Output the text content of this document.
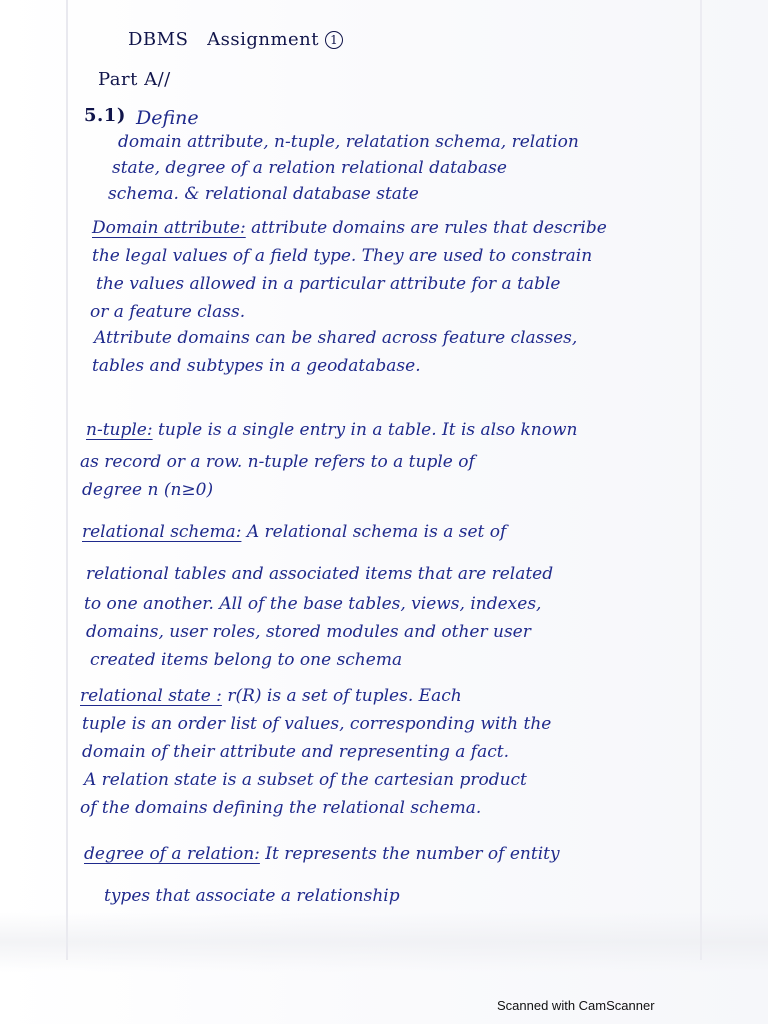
DBMS Assignment 1
Part A//
5.1) Define
domain attribute, n-tuple, relatation schema, relation
state, degree of a relation relational database
schema. & relational database state
Domain attribute: attribute domains are rules that describe
the legal values of a field type. They are used to constrain
the values allowed in a particular attribute for a table
or a feature class.
Attribute domains can be shared across feature classes,
tables and subtypes in a geodatabase.
n-tuple: tuple is a single entry in a table. It is also known
as record or a row. n-tuple refers to a tuple of
degree n (n≥0)
relational schema: A relational schema is a set of
relational tables and associated items that are related
to one another. All of the base tables, views, indexes,
domains, user roles, stored modules and other user
created items belong to one schema
relational state : r(R) is a set of tuples. Each
tuple is an order list of values, corresponding with the
domain of their attribute and representing a fact.
A relation state is a subset of the cartesian product
of the domains defining the relational schema.
degree of a relation: It represents the number of entity
types that associate a relationship
Scanned with CamScanner
